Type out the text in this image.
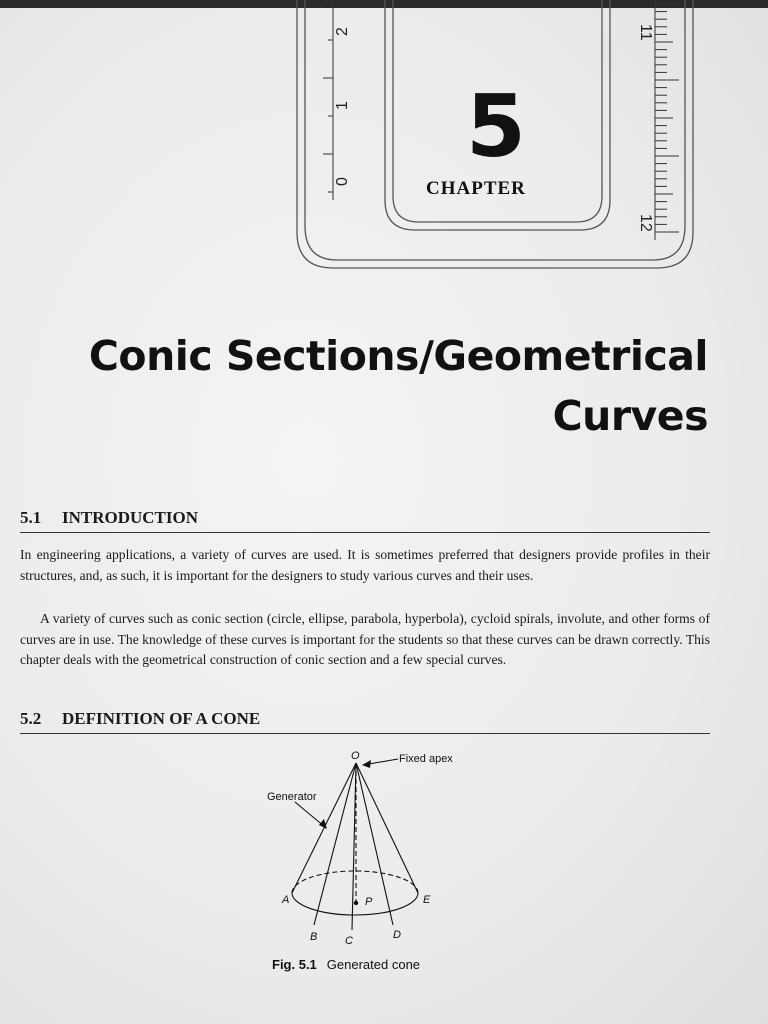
0
1
2	11
12
5
CHAPTER
Conic Sections/Geometrical
Curves
5.1 INTRODUCTION
In engineering applications, a variety of curves are used. It is sometimes preferred that designers provide profiles in their structures, and, as such, it is important for the designers to study various curves and their uses.
A variety of curves such as conic section (circle, ellipse, parabola, hyperbola), cycloid spirals, involute, and other forms of curves are in use. The knowledge of these curves is important for the students so that these curves can be drawn correctly. This chapter deals with the geometrical construction of conic section and a few special curves.
5.2 DEFINITION OF A CONE
O	Fixed apex
Generator
A
B	C	D
E
P
Fig. 5.1 Generated cone
